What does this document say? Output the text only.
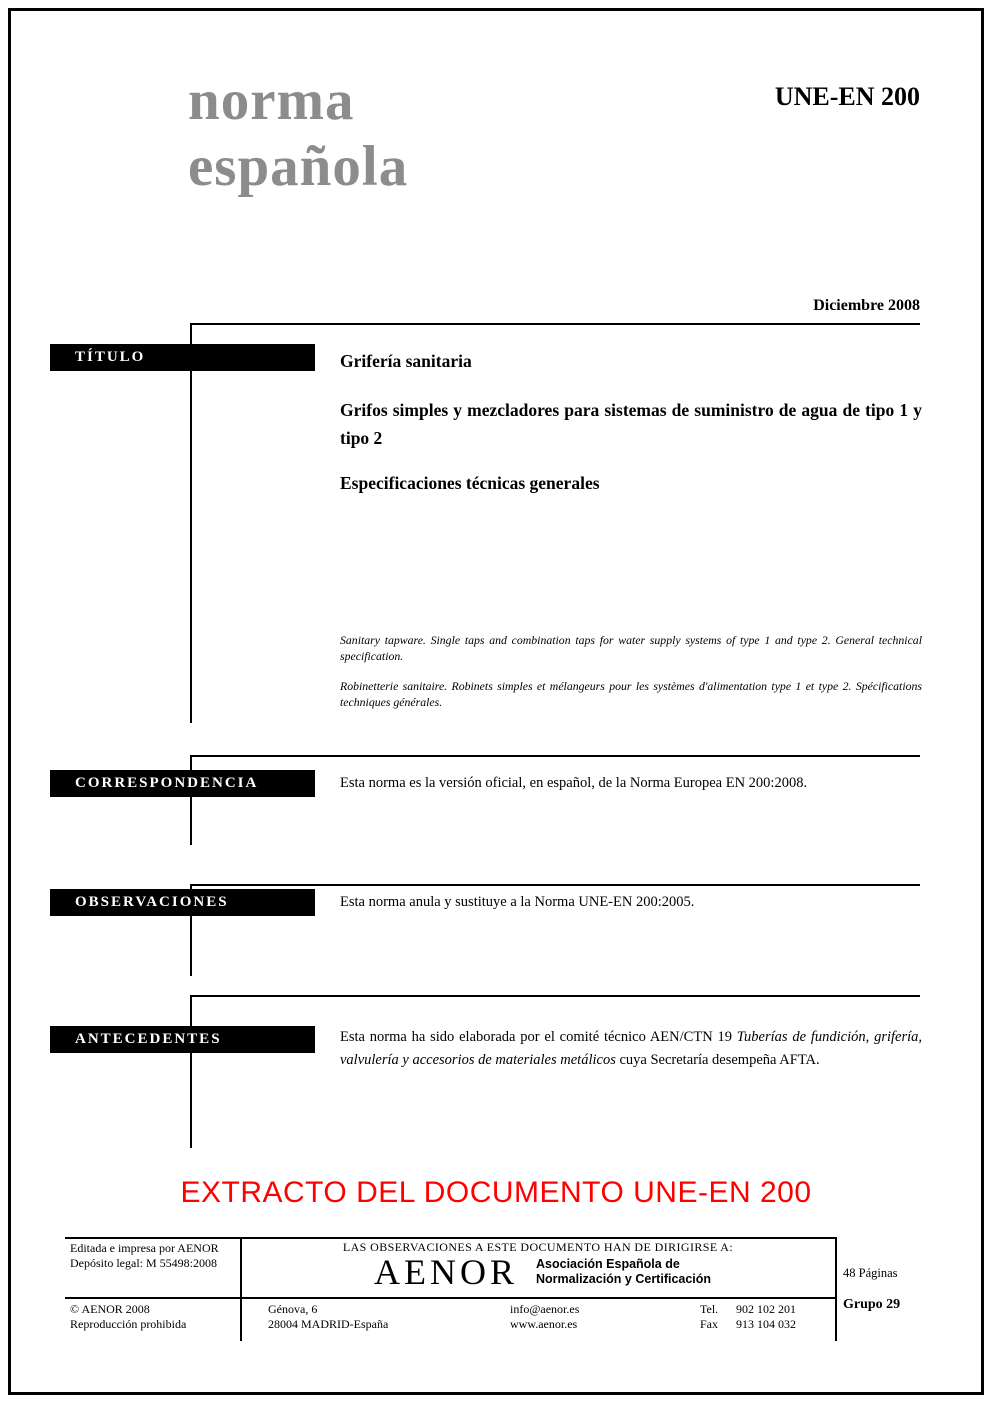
norma
española
UNE-EN 200
Diciembre 2008
TÍTULO	Grifería sanitaria
Grifos simples y mezcladores para sistemas de suministro de agua de tipo 1 y tipo 2
Especificaciones técnicas generales
Sanitary tapware. Single taps and combination taps for water supply systems of type 1 and type 2. General technical specification.
Robinetterie sanitaire. Robinets simples et mélangeurs pour les systèmes d'alimentation type 1 et type 2. Spécifications techniques générales.
CORRESPONDENCIA	Esta norma es la versión oficial, en español, de la Norma Europea EN 200:2008.
OBSERVACIONES	Esta norma anula y sustituye a la Norma UNE-EN 200:2005.
ANTECEDENTES	Esta norma ha sido elaborada por el comité técnico AEN/CTN 19 Tuberías de fundición, grifería, valvulería y accesorios de materiales metálicos cuya Secretaría desempeña AFTA.
EXTRACTO DEL DOCUMENTO UNE-EN 200
Editada e impresa por AENOR
Depósito legal: M 55498:2008
LAS OBSERVACIONES A ESTE DOCUMENTO HAN DE DIRIGIRSE A:
AENOR Asociación Española de
Normalización y Certificación	48 Páginas
Grupo 29
© AENOR 2008
Reproducción prohibida
Génova, 6
28004 MADRID-España
info@aenor.es
www.aenor.es
Tel.	902 102 201
Fax	913 104 032
